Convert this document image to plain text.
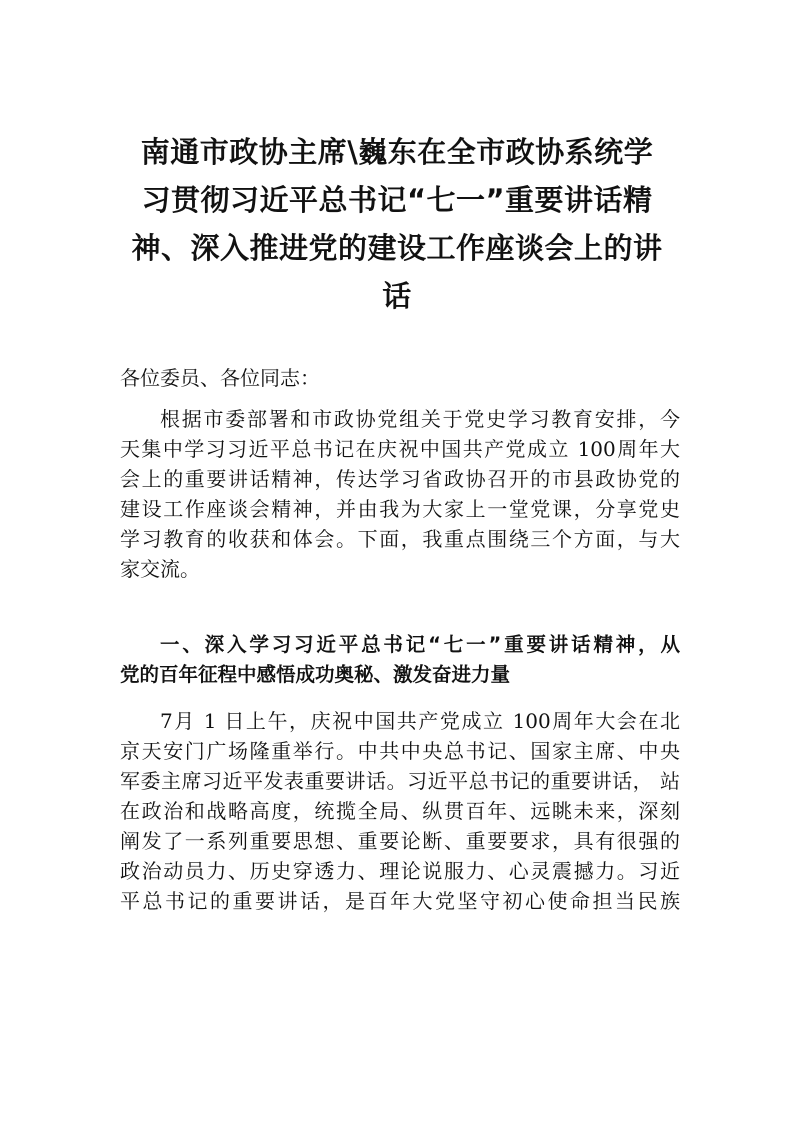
南通市政协主席\巍东在全市政协系统学
习贯彻习近平总书记“七一”重要讲话精
神、深入推进党的建设工作座谈会上的讲
话

各位委员、各位同志：

根据市委部署和市政协党组关于党史学习教育安排，今
天集中学习习近平总书记在庆祝中国共产党成立 100周年大
会上的重要讲话精神，传达学习省政协召开的市县政协党的
建设工作座谈会精神，并由我为大家上一堂党课，分享党史
学习教育的收获和体会。下面，我重点围绕三个方面，与大
家交流。

一、深入学习习近平总书记“七一”重要讲话精神，从
党的百年征程中感悟成功奥秘、激发奋进力量

7月 1 日上午，庆祝中国共产党成立 100周年大会在北
京天安门广场隆重举行。中共中央总书记、国家主席、中央
军委主席习近平发表重要讲话。习近平总书记的重要讲话， 站
在政治和战略高度，统揽全局、纵贯百年、远眺未来，深刻
阐发了一系列重要思想、重要论断、重要要求，具有很强的
政治动员力、历史穿透力、理论说服力、心灵震撼力。习近
平总书记的重要讲话，是百年大党坚守初心使命担当民族
